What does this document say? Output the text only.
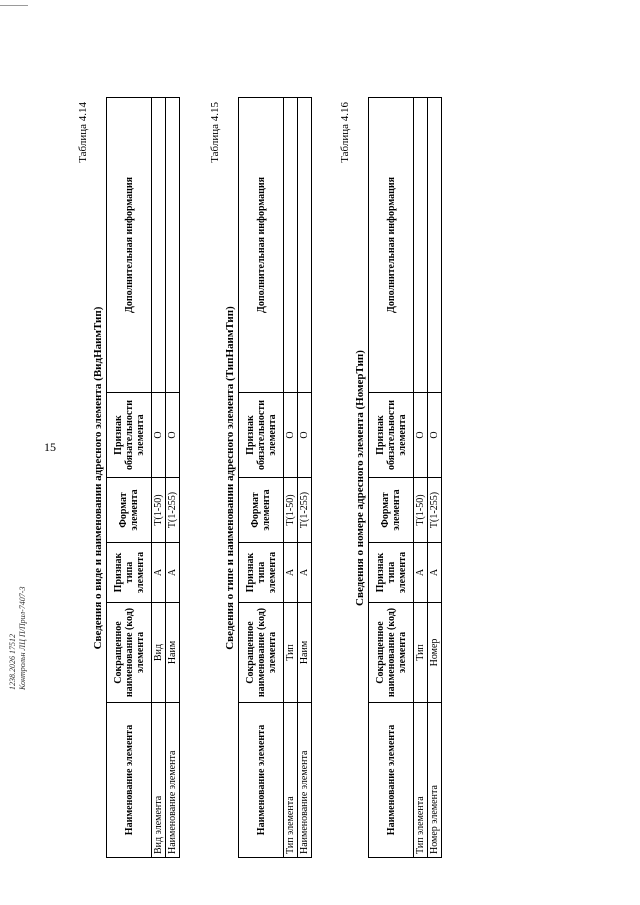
15
1238.2026 17512 Контрольн ЛЦ П/Прил-7407-3
Таблица 4.14
Сведения о виде и наименовании адресного элемента (ВидНаимТип)
Наименование элемента	Сокращенное наименование (код) элемента	Признак типа элемента	Формат элемента	Признак обязательности элемента	Дополнительная информация
Вид элемента	Вид	А	T(1-50)	О	
Наименование элемента	Наим	А	T(1-255)	О	
Таблица 4.15
Сведения о типе и наименовании адресного элемента (ТипНаимТип)
Наименование элемента	Сокращенное наименование (код) элемента	Признак типа элемента	Формат элемента	Признак обязательности элемента	Дополнительная информация
Тип элемента	Тип	А	T(1-50)	О	
Наименование элемента	Наим	А	T(1-255)	О	
Таблица 4.16
Сведения о номере адресного элемента (НомерТип)
Наименование элемента	Сокращенное наименование (код) элемента	Признак типа элемента	Формат элемента	Признак обязательности элемента	Дополнительная информация
Тип элемента	Тип	А	T(1-50)	О	
Номер элемента	Номер	А	T(1-255)	О	
